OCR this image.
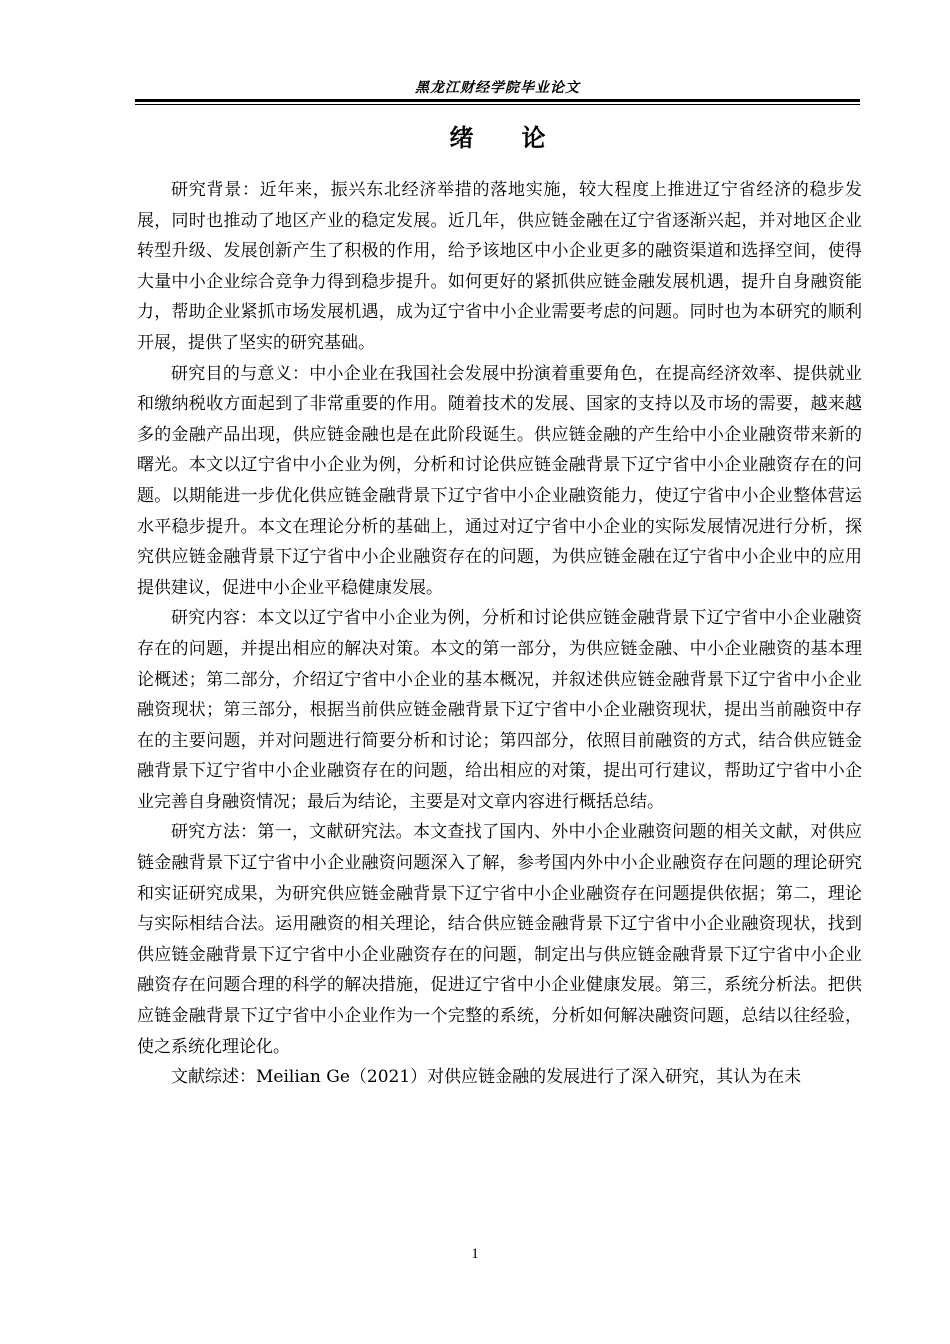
黑龙江财经学院毕业论文
绪　　论

研究背景：近年来，振兴东北经济举措的落地实施，较大程度上推进辽宁省经济的稳步发展，同时也推动了地区产业的稳定发展。近几年，供应链金融在辽宁省逐渐兴起，并对地区企业转型升级、发展创新产生了积极的作用，给予该地区中小企业更多的融资渠道和选择空间，使得大量中小企业综合竞争力得到稳步提升。如何更好的紧抓供应链金融发展机遇，提升自身融资能力，帮助企业紧抓市场发展机遇，成为辽宁省中小企业需要考虑的问题。同时也为本研究的顺利开展，提供了坚实的研究基础。

研究目的与意义：中小企业在我国社会发展中扮演着重要角色，在提高经济效率、提供就业和缴纳税收方面起到了非常重要的作用。随着技术的发展、国家的支持以及市场的需要，越来越多的金融产品出现，供应链金融也是在此阶段诞生。供应链金融的产生给中小企业融资带来新的曙光。本文以辽宁省中小企业为例，分析和讨论供应链金融背景下辽宁省中小企业融资存在的问题。以期能进一步优化供应链金融背景下辽宁省中小企业融资能力，使辽宁省中小企业整体营运水平稳步提升。本文在理论分析的基础上，通过对辽宁省中小企业的实际发展情况进行分析，探究供应链金融背景下辽宁省中小企业融资存在的问题，为供应链金融在辽宁省中小企业中的应用提供建议，促进中小企业平稳健康发展。

研究内容：本文以辽宁省中小企业为例，分析和讨论供应链金融背景下辽宁省中小企业融资存在的问题，并提出相应的解决对策。本文的第一部分，为供应链金融、中小企业融资的基本理论概述；第二部分，介绍辽宁省中小企业的基本概况，并叙述供应链金融背景下辽宁省中小企业融资现状；第三部分，根据当前供应链金融背景下辽宁省中小企业融资现状，提出当前融资中存在的主要问题，并对问题进行简要分析和讨论；第四部分，依照目前融资的方式，结合供应链金融背景下辽宁省中小企业融资存在的问题，给出相应的对策，提出可行建议，帮助辽宁省中小企业完善自身融资情况；最后为结论，主要是对文章内容进行概括总结。

研究方法：第一，文献研究法。本文查找了国内、外中小企业融资问题的相关文献，对供应链金融背景下辽宁省中小企业融资问题深入了解，参考国内外中小企业融资存在问题的理论研究和实证研究成果，为研究供应链金融背景下辽宁省中小企业融资存在问题提供依据；第二，理论与实际相结合法。运用融资的相关理论，结合供应链金融背景下辽宁省中小企业融资现状，找到供应链金融背景下辽宁省中小企业融资存在的问题，制定出与供应链金融背景下辽宁省中小企业融资存在问题合理的科学的解决措施，促进辽宁省中小企业健康发展。第三，系统分析法。把供应链金融背景下辽宁省中小企业作为一个完整的系统，分析如何解决融资问题，总结以往经验，使之系统化理论化。

文献综述：Meilian Ge（2021）对供应链金融的发展进行了深入研究，其认为在未

1
